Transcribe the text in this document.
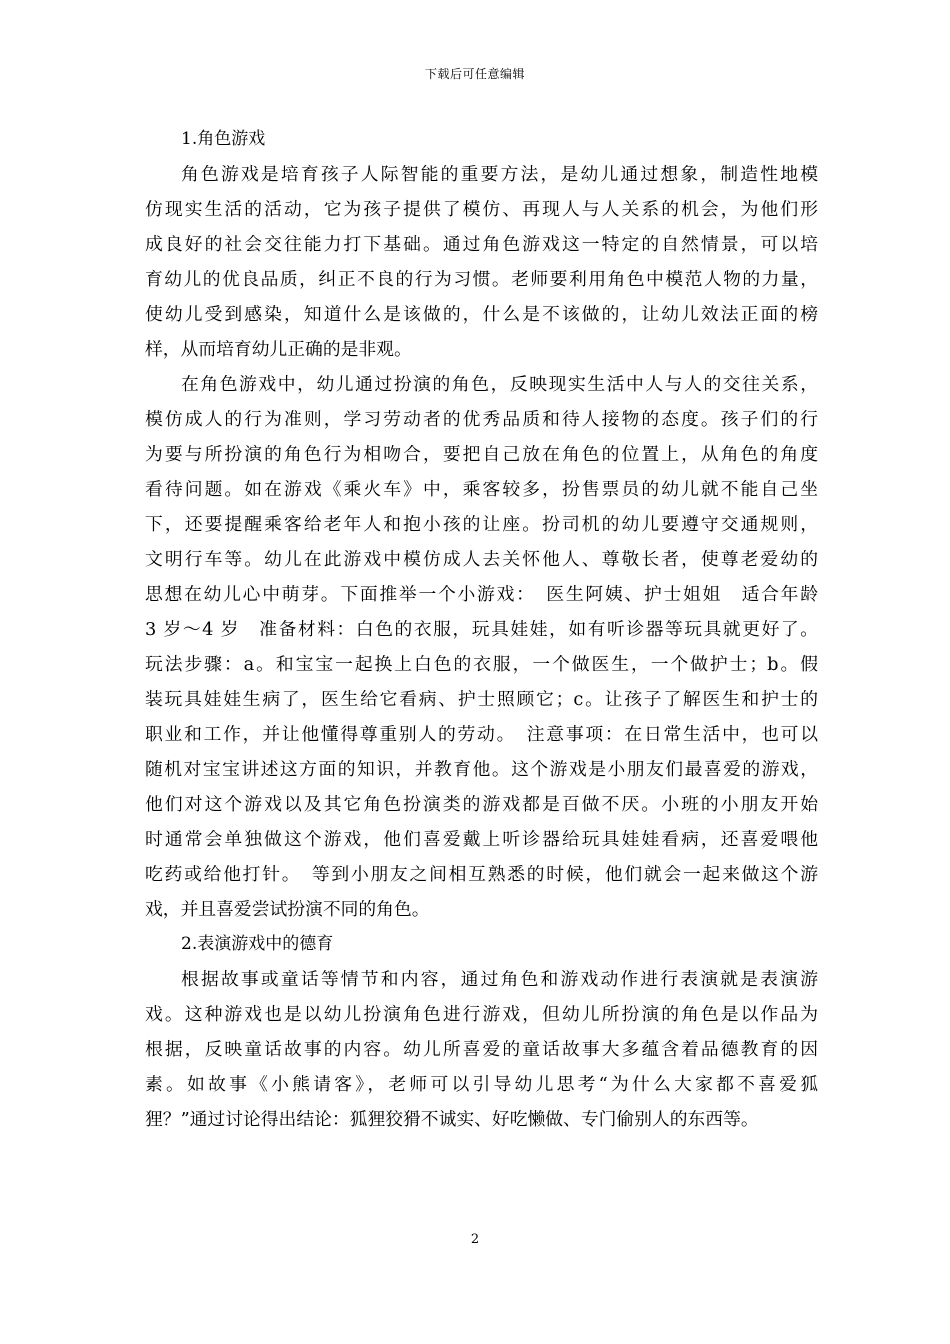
下载后可任意编辑
1.角色游戏
角色游戏是培育孩子人际智能的重要方法，是幼儿通过想象，制造性地模
仿现实生活的活动，它为孩子提供了模仿、再现人与人关系的机会，为他们形
成良好的社会交往能力打下基础。通过角色游戏这一特定的自然情景，可以培
育幼儿的优良品质，纠正不良的行为习惯。老师要利用角色中模范人物的力量，
使幼儿受到感染，知道什么是该做的，什么是不该做的，让幼儿效法正面的榜
样，从而培育幼儿正确的是非观。
在角色游戏中，幼儿通过扮演的角色，反映现实生活中人与人的交往关系，
模仿成人的行为准则，学习劳动者的优秀品质和待人接物的态度。孩子们的行
为要与所扮演的角色行为相吻合，要把自己放在角色的位置上，从角色的角度
看待问题。如在游戏《乘火车》中，乘客较多，扮售票员的幼儿就不能自己坐
下，还要提醒乘客给老年人和抱小孩的让座。扮司机的幼儿要遵守交通规则，
文明行车等。幼儿在此游戏中模仿成人去关怀他人、尊敬长者，使尊老爱幼的
思想在幼儿心中萌芽。下面推举一个小游戏：　医生阿姨、护士姐姐　适合年龄
3 岁～4 岁　准备材料：白色的衣服，玩具娃娃，如有听诊器等玩具就更好了。
玩法步骤：a。和宝宝一起换上白色的衣服，一个做医生，一个做护士；b。假
装玩具娃娃生病了，医生给它看病、护士照顾它；c。让孩子了解医生和护士的
职业和工作，并让他懂得尊重别人的劳动。　注意事项：在日常生活中，也可以
随机对宝宝讲述这方面的知识，并教育他。这个游戏是小朋友们最喜爱的游戏，
他们对这个游戏以及其它角色扮演类的游戏都是百做不厌。小班的小朋友开始
时通常会单独做这个游戏，他们喜爱戴上听诊器给玩具娃娃看病，还喜爱喂他
吃药或给他打针。　等到小朋友之间相互熟悉的时候，他们就会一起来做这个游
戏，并且喜爱尝试扮演不同的角色。
2.表演游戏中的德育
根据故事或童话等情节和内容，通过角色和游戏动作进行表演就是表演游
戏。这种游戏也是以幼儿扮演角色进行游戏，但幼儿所扮演的角色是以作品为
根据，反映童话故事的内容。幼儿所喜爱的童话故事大多蕴含着品德教育的因
素。如故事《小熊请客》，老师可以引导幼儿思考“为什么大家都不喜爱狐
狸？”通过讨论得出结论：狐狸狡猾不诚实、好吃懒做、专门偷别人的东西等。
2
